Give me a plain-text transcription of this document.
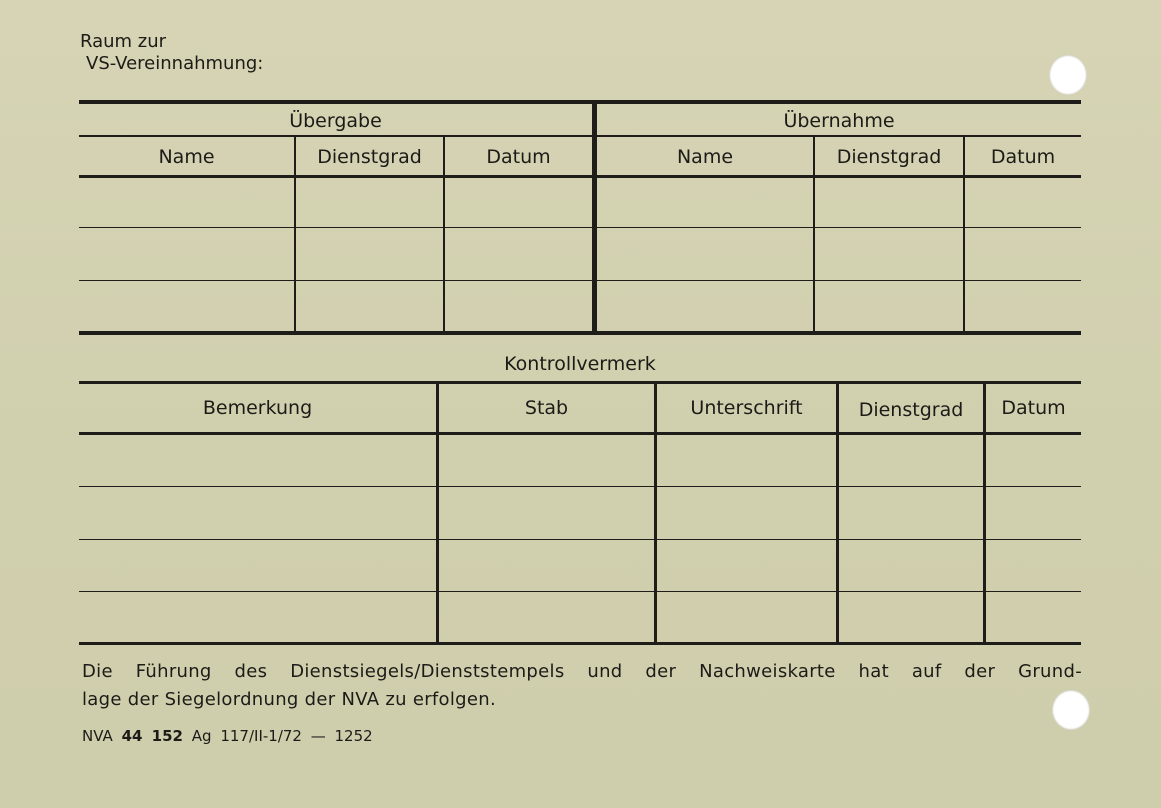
Raum zur
VS-Vereinnahmung:
Übergabe	Übernahme
Name	Dienstgrad	Datum	Name	Dienstgrad	Datum
Kontrollvermerk
Bemerkung	Stab	Unterschrift	Dienstgrad	Datum
Die Führung des Dienstsiegels/Dienststempels und der Nachweiskarte hat auf der Grund-
lage der Siegelordnung der NVA zu erfolgen.
NVA 44 152 Ag 117/II-1/72 — 1252
